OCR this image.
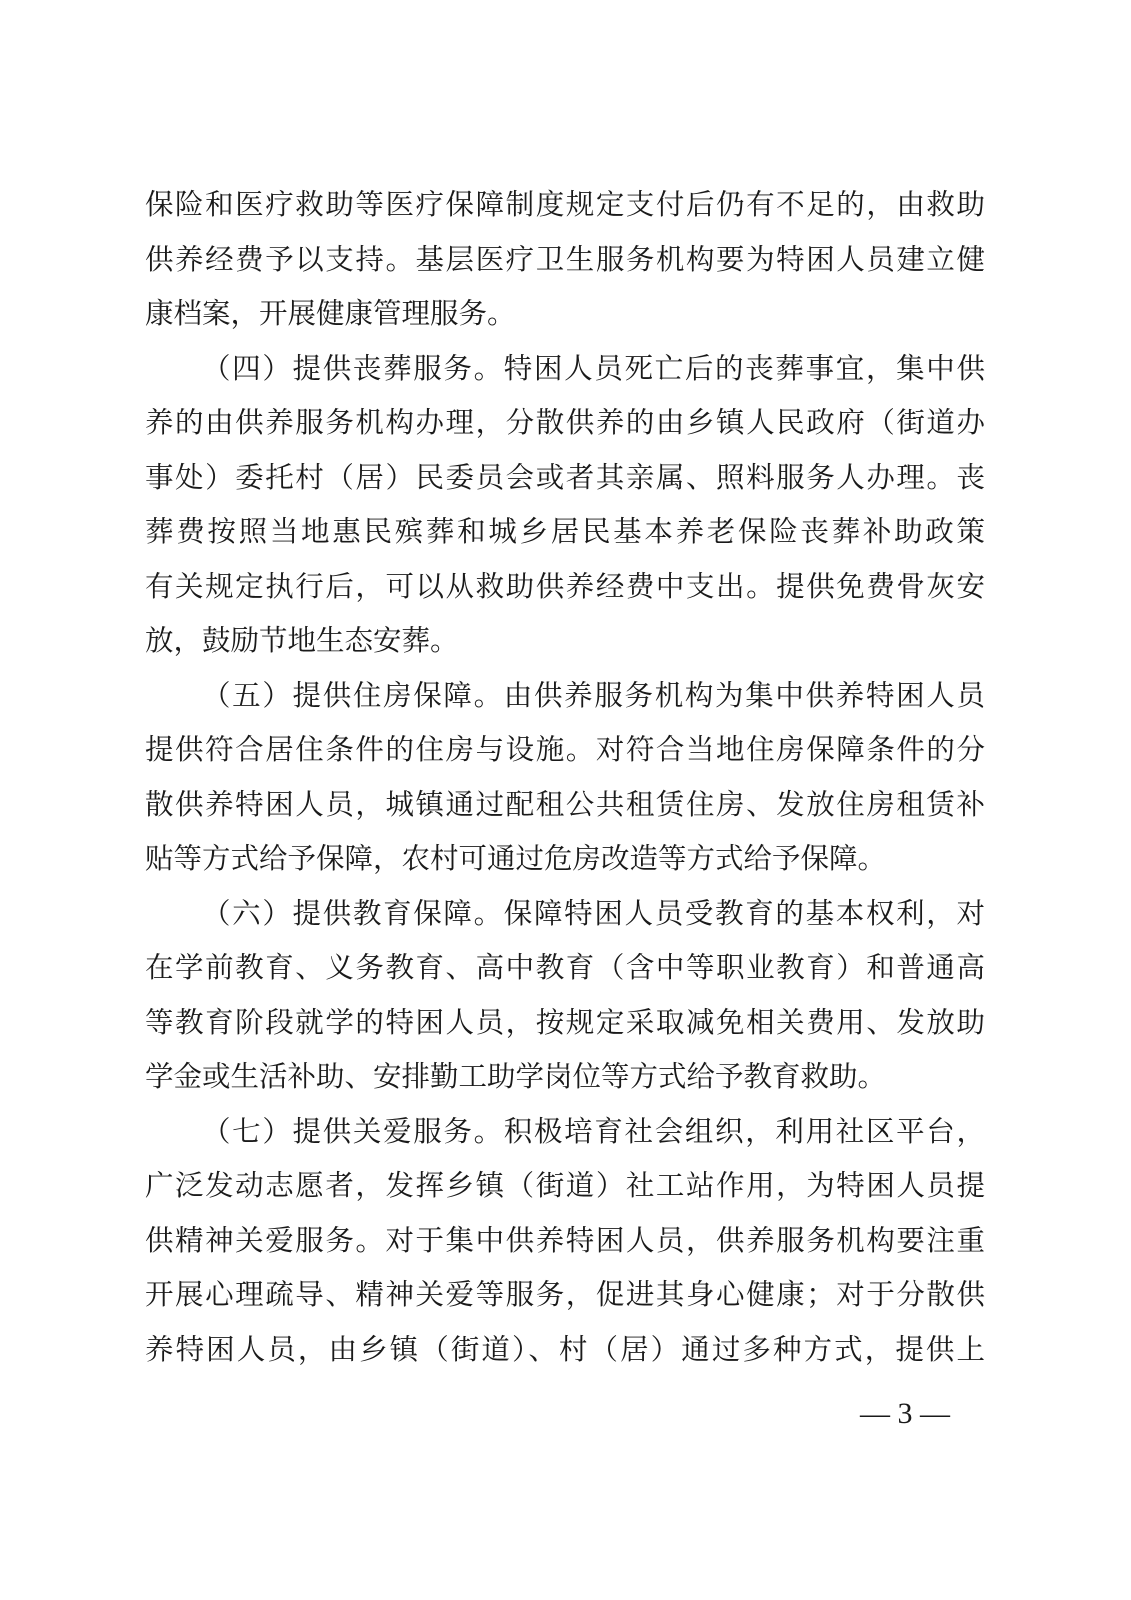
保险和医疗救助等医疗保障制度规定支付后仍有不足的，由救助
供养经费予以支持。基层医疗卫生服务机构要为特困人员建立健
康档案，开展健康管理服务。
（四）提供丧葬服务。特困人员死亡后的丧葬事宜，集中供
养的由供养服务机构办理，分散供养的由乡镇人民政府（街道办
事处）委托村（居）民委员会或者其亲属、照料服务人办理。丧
葬费按照当地惠民殡葬和城乡居民基本养老保险丧葬补助政策
有关规定执行后，可以从救助供养经费中支出。提供免费骨灰安
放，鼓励节地生态安葬。
（五）提供住房保障。由供养服务机构为集中供养特困人员
提供符合居住条件的住房与设施。对符合当地住房保障条件的分
散供养特困人员，城镇通过配租公共租赁住房、发放住房租赁补
贴等方式给予保障，农村可通过危房改造等方式给予保障。
（六）提供教育保障。保障特困人员受教育的基本权利，对
在学前教育、义务教育、高中教育（含中等职业教育）和普通高
等教育阶段就学的特困人员，按规定采取减免相关费用、发放助
学金或生活补助、安排勤工助学岗位等方式给予教育救助。
（七）提供关爱服务。积极培育社会组织，利用社区平台，
广泛发动志愿者，发挥乡镇（街道）社工站作用，为特困人员提
供精神关爱服务。对于集中供养特困人员，供养服务机构要注重
开展心理疏导、精神关爱等服务，促进其身心健康；对于分散供
养特困人员，由乡镇（街道）、村（居）通过多种方式，提供上
— 3 —
